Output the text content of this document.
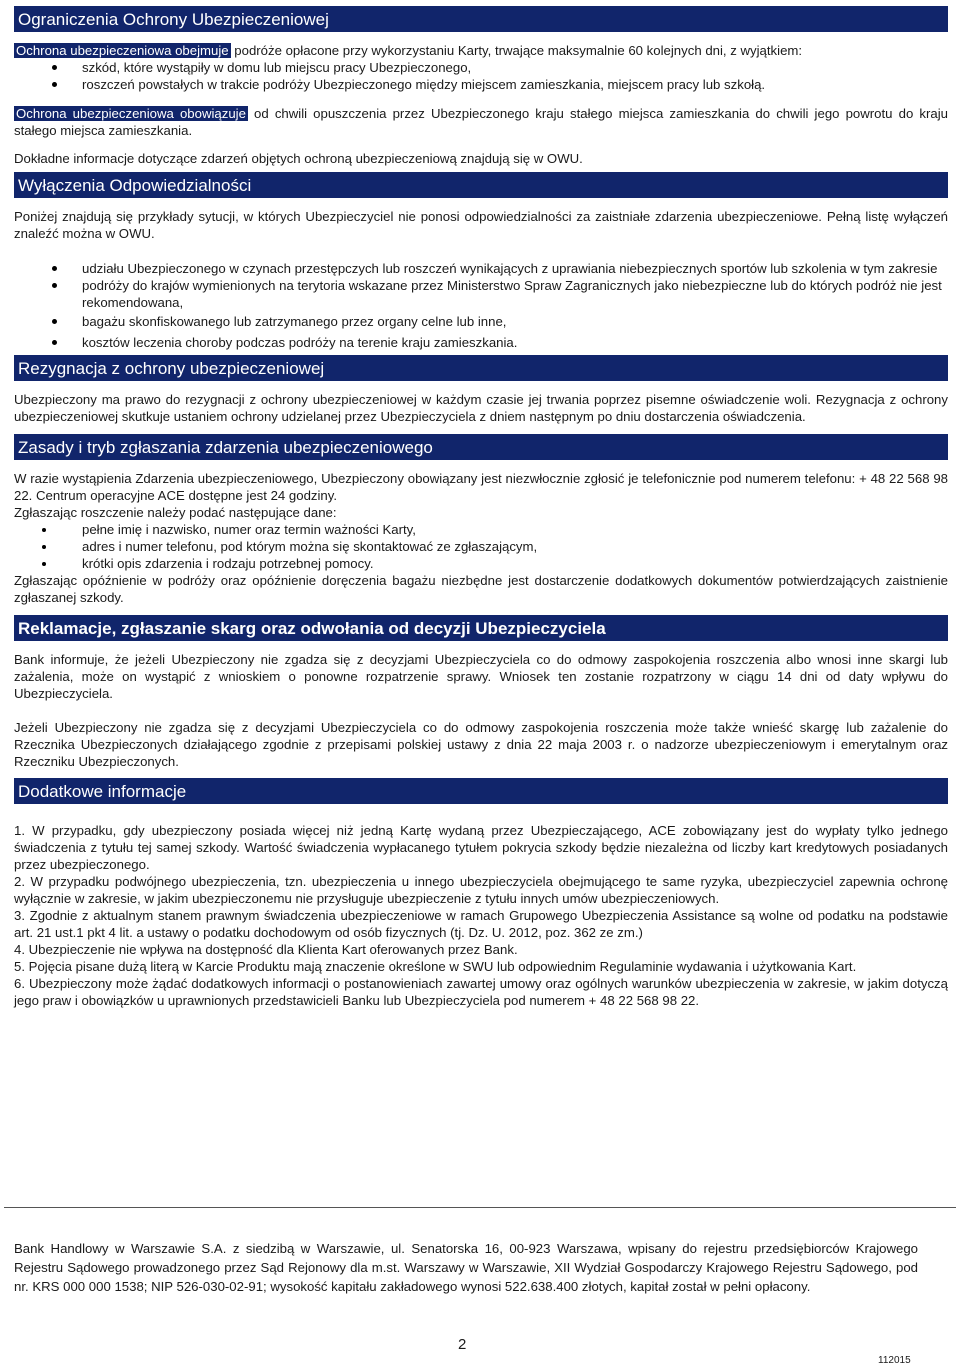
Ograniczenia Ochrony Ubezpieczeniowej

Ochrona ubezpieczeniowa obejmuje podróże opłacone przy wykorzystaniu Karty, trwające maksymalnie 60 kolejnych dni, z wyjątkiem:

szkód, które wystąpiły w domu lub miejscu pracy Ubezpieczonego,
roszczeń powstałych w trakcie podróży Ubezpieczonego między miejscem zamieszkania, miejscem pracy lub szkołą.

Ochrona ubezpieczeniowa obowiązuje od chwili opuszczenia przez Ubezpieczonego kraju stałego miejsca zamieszkania do chwili jego powrotu do kraju stałego miejsca zamieszkania.

Dokładne informacje dotyczące zdarzeń objętych ochroną ubezpieczeniową znajdują się w OWU.

Wyłączenia Odpowiedzialności

Poniżej znajdują się przykłady sytucji, w których Ubezpieczyciel nie ponosi odpowiedzialności za zaistniałe zdarzenia ubezpieczeniowe. Pełną listę wyłączeń znaleźć można w OWU.

udziału Ubezpieczonego w czynach przestępczych lub roszczeń wynikających z uprawiania niebezpiecznych sportów lub szkolenia w tym zakresie
podróży do krajów wymienionych na terytoria wskazane przez Ministerstwo Spraw Zagranicznych jako niebezpieczne lub do których podróż nie jest rekomendowana,
bagażu skonfiskowanego lub zatrzymanego przez organy celne lub inne,
kosztów leczenia choroby podczas podróży na terenie kraju zamieszkania.
Rezygnacja z ochrony ubezpieczeniowej

Ubezpieczony ma prawo do rezygnacji z ochrony ubezpieczeniowej w każdym czasie jej trwania poprzez pisemne oświadczenie woli. Rezygnacja z ochrony ubezpieczeniowej skutkuje ustaniem ochrony udzielanej przez Ubezpieczyciela z dniem następnym po dniu dostarczenia oświadczenia.

Zasady i tryb zgłaszania zdarzenia ubezpieczeniowego

W razie wystąpienia Zdarzenia ubezpieczeniowego, Ubezpieczony obowiązany jest niezwłocznie zgłosić je telefonicznie pod numerem telefonu: + 48 22 568 98 22. Centrum operacyjne ACE dostępne jest 24 godziny.

Zgłaszając roszczenie należy podać następujące dane:

pełne imię i nazwisko, numer oraz termin ważności Karty,
adres i numer telefonu, pod którym można się skontaktować ze zgłaszającym,
krótki opis zdarzenia i rodzaju potrzebnej pomocy.

Zgłaszając opóźnienie w podróży oraz opóźnienie doręczenia bagażu niezbędne jest dostarczenie dodatkowych dokumentów potwierdzających zaistnienie zgłaszanej szkody.

Reklamacje, zgłaszanie skarg oraz odwołania od decyzji Ubezpieczyciela

Bank informuje, że jeżeli Ubezpieczony nie zgadza się z decyzjami Ubezpieczyciela co do odmowy zaspokojenia roszczenia albo wnosi inne skargi lub zażalenia, może on wystąpić z wnioskiem o ponowne rozpatrzenie sprawy. Wniosek ten zostanie rozpatrzony w ciągu 14 dni od daty wpływu do Ubezpieczyciela.

Jeżeli Ubezpieczony nie zgadza się z decyzjami Ubezpieczyciela co do odmowy zaspokojenia roszczenia może także wnieść skargę lub zażalenie do Rzecznika Ubezpieczonych działającego zgodnie z przepisami polskiej ustawy z dnia 22 maja 2003 r. o nadzorze ubezpieczeniowym i emerytalnym oraz Rzeczniku Ubezpieczonych.

Dodatkowe informacje

1. W przypadku, gdy ubezpieczony posiada więcej niż jedną Kartę wydaną przez Ubezpieczającego, ACE zobowiązany jest do wypłaty tylko jednego świadczenia z tytułu tej samej szkody. Wartość świadczenia wypłacanego tytułem pokrycia szkody będzie niezależna od liczby kart kredytowych posiadanych przez ubezpieczonego.

2. W przypadku podwójnego ubezpieczenia, tzn. ubezpieczenia u innego ubezpieczyciela obejmującego te same ryzyka, ubezpieczyciel zapewnia ochronę wyłącznie w zakresie, w jakim ubezpieczonemu nie przysługuje ubezpieczenie z tytułu innych umów ubezpieczeniowych.

3. Zgodnie z aktualnym stanem prawnym świadczenia ubezpieczeniowe w ramach Grupowego Ubezpieczenia Assistance są wolne od podatku na podstawie art. 21 ust.1 pkt 4 lit. a ustawy o podatku dochodowym od osób fizycznych (tj. Dz. U. 2012, poz. 362 ze zm.)

4. Ubezpieczenie nie wpływa na dostępność dla Klienta Kart oferowanych przez Bank.

5. Pojęcia pisane dużą literą w Karcie Produktu mają znaczenie określone w SWU lub odpowiednim Regulaminie wydawania i użytkowania Kart.

6. Ubezpieczony może żądać dodatkowych informacji o postanowieniach zawartej umowy oraz ogólnych warunków ubezpieczenia w zakresie, w jakim dotyczą jego praw i obowiązków u uprawnionych przedstawicieli Banku lub Ubezpieczyciela pod numerem + 48 22 568 98 22.

Bank Handlowy w Warszawie S.A. z siedzibą w Warszawie, ul. Senatorska 16, 00-923 Warszawa, wpisany do rejestru przedsiębiorców Krajowego Rejestru Sądowego prowadzonego przez Sąd Rejonowy dla m.st. Warszawy w Warszawie, XII Wydział Gospodarczy Krajowego Rejestru Sądowego, pod nr. KRS 000 000 1538; NIP 526-030-02-91; wysokość kapitału zakładowego wynosi 522.638.400 złotych, kapitał został w pełni opłacony.

2
112015
